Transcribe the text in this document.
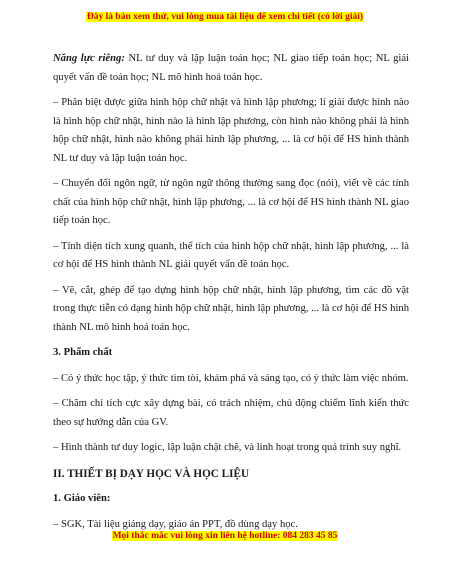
Đây là bản xem thử, vui lòng mua tài liệu để xem chi tiết (có lời giải)

Năng lực riêng: NL tư duy và lập luận toán học; NL giao tiếp toán học; NL giải quyết vấn đề toán học; NL mô hình hoá toán học.

– Phân biệt được giữa hình hộp chữ nhật và hình lập phương; lí giải được hình nào là hình hộp chữ nhật, hình nào là hình lập phương, còn hình nào không phải là hình hộp chữ nhật, hình nào không phải hình lập phương, ... là cơ hội để HS hình thành NL tư duy và lập luận toán học.

– Chuyển đổi ngôn ngữ, từ ngôn ngữ thông thường sang đọc (nói), viết về các tính chất của hình hộp chữ nhật, hình lập phương, ... là cơ hội để HS hình thành NL giao tiếp toán học.

– Tính diện tích xung quanh, thể tích của hình hộp chữ nhật, hình lập phương, ... là cơ hội để HS hình thành NL giải quyết vấn đề toán học.

– Vẽ, cắt, ghép để tạo dựng hình hộp chữ nhật, hình lập phương, tìm các đồ vật trong thực tiễn có dạng hình hộp chữ nhật, hình lập phương, ... là cơ hội để HS hình thành NL mô hình hoá toán học.

3. Phẩm chất

– Có ý thức học tập, ý thức tìm tòi, khám phá và sáng tạo, có ý thức làm việc nhóm.

– Chăm chỉ tích cực xây dựng bài, có trách nhiệm, chủ động chiếm lĩnh kiến thức theo sự hướng dẫn của GV.

– Hình thành tư duy logic, lập luận chặt chẽ, và linh hoạt trong quá trình suy nghĩ.

II. THIẾT BỊ DẠY HỌC VÀ HỌC LIỆU

1. Giáo viên:

– SGK, Tài liệu giảng dạy, giáo án PPT, đồ dùng dạy học.

Mọi thắc mắc vui lòng xin liên hệ hotline: 084 283 45 85
